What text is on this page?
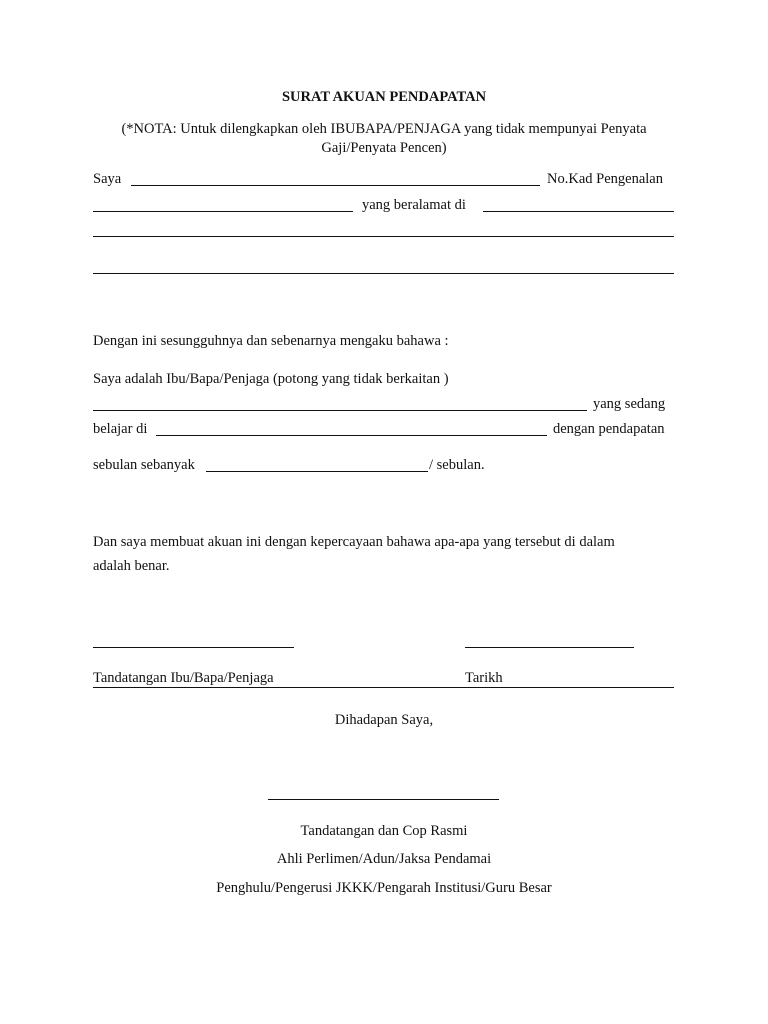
SURAT AKUAN PENDAPATAN
(*NOTA: Untuk dilengkapkan oleh IBUBAPA/PENJAGA yang tidak mempunyai Penyata
Gaji/Penyata Pencen)
Saya	No.Kad Pengenalan
yang beralamat di
Dengan ini sesungguhnya dan sebenarnya mengaku bahawa :
Saya adalah Ibu/Bapa/Penjaga (potong yang tidak berkaitan )
yang sedang
belajar di	dengan pendapatan
sebulan sebanyak	/ sebulan.
Dan saya membuat akuan ini dengan kepercayaan bahawa apa-apa yang tersebut di dalam
adalah benar.
Tandatangan Ibu/Bapa/Penjaga	Tarikh
Dihadapan Saya,
Tandatangan dan Cop Rasmi
Ahli Perlimen/Adun/Jaksa Pendamai
Penghulu/Pengerusi JKKK/Pengarah Institusi/Guru Besar
